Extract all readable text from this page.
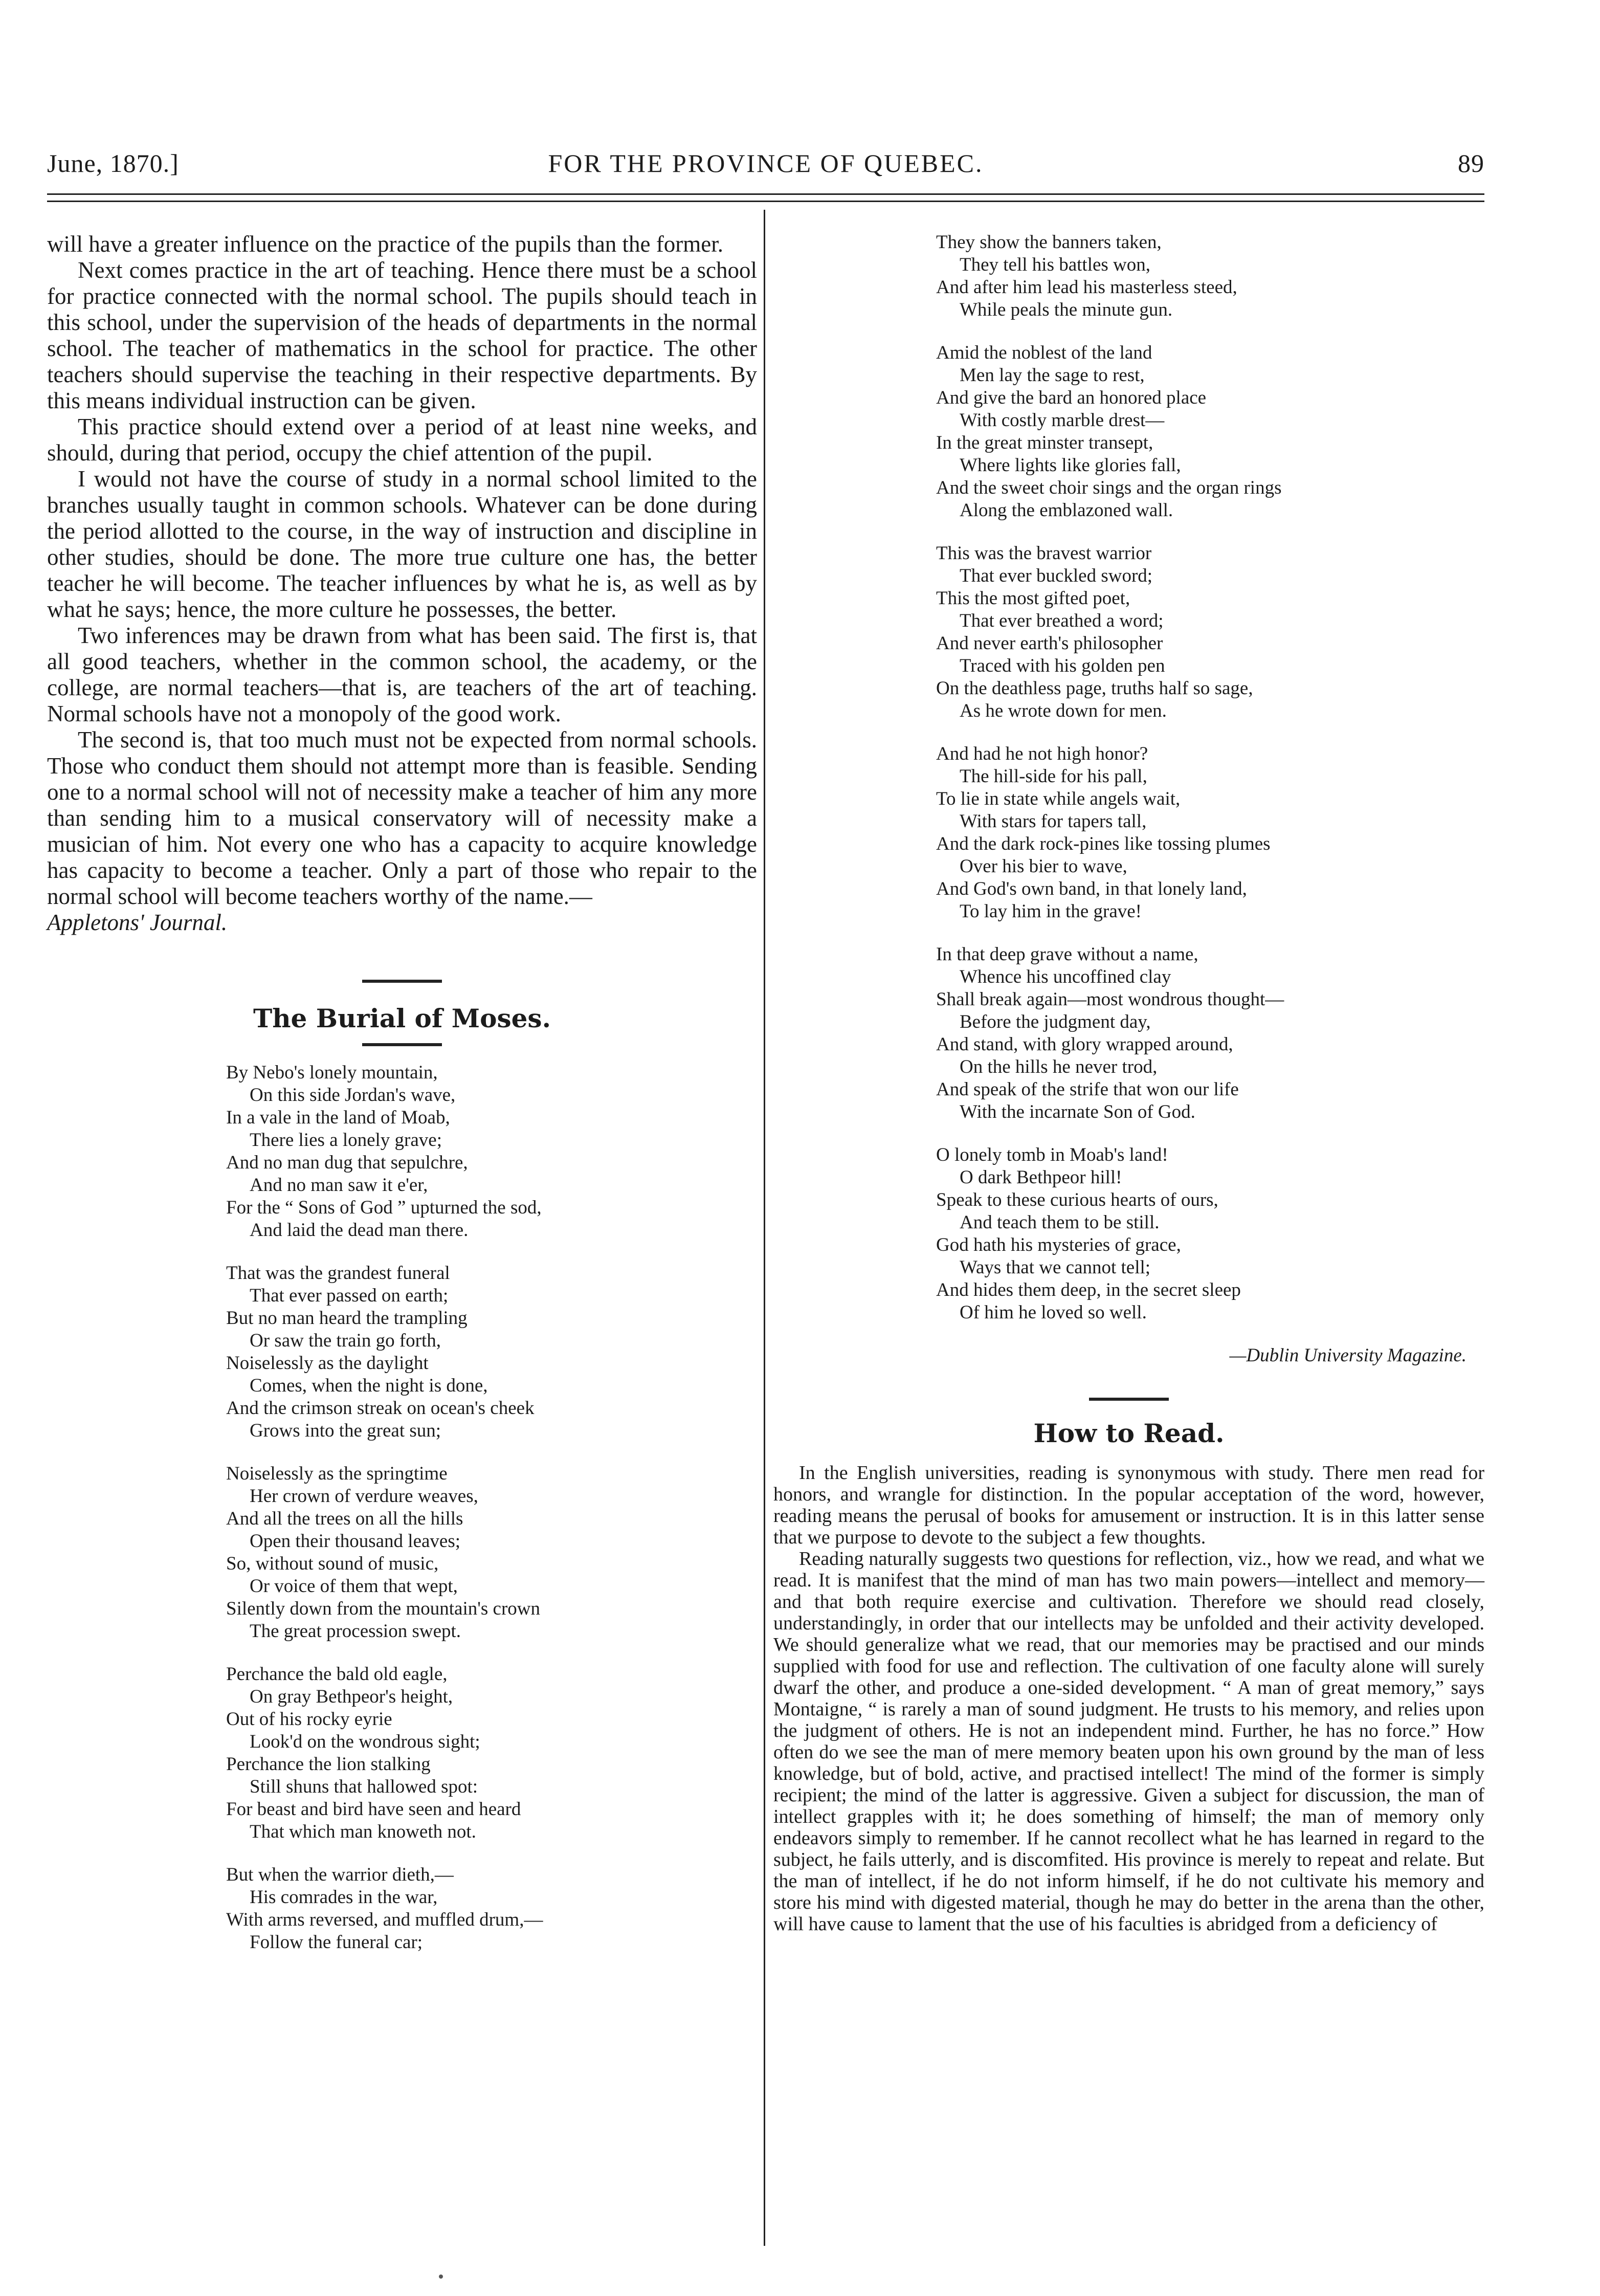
June, 1870.]	FOR THE PROVINCE OF QUEBEC.	89

will have a greater influence on the practice of the pupils than the former.

Next comes practice in the art of teaching. Hence there must be a school for practice connected with the normal school. The pupils should teach in this school, under the supervision of the heads of departments in the normal school. The teacher of mathematics in the school for practice. The other teachers should supervise the teaching in their respective departments. By this means individual instruction can be given.

This practice should extend over a period of at least nine weeks, and should, during that period, occupy the chief attention of the pupil.

I would not have the course of study in a normal school limited to the branches usually taught in common schools. Whatever can be done during the period allotted to the course, in the way of instruction and discipline in other studies, should be done. The more true culture one has, the better teacher he will become. The teacher influences by what he is, as well as by what he says; hence, the more culture he possesses, the better.

Two inferences may be drawn from what has been said. The first is, that all good teachers, whether in the common school, the academy, or the college, are normal teachers—that is, are teachers of the art of teaching. Normal schools have not a monopoly of the good work.

The second is, that too much must not be expected from normal schools. Those who conduct them should not attempt more than is feasible. Sending one to a normal school will not of necessity make a teacher of him any more than sending him to a musical conservatory will of necessity make a musician of him. Not every one who has a capacity to acquire knowledge has capacity to become a teacher. Only a part of those who repair to the normal school will become teachers worthy of the name.—

Appletons' Journal.
The Burial of Moses.
By Nebo's lonely mountain,
On this side Jordan's wave,
In a vale in the land of Moab,
There lies a lonely grave;
And no man dug that sepulchre,
And no man saw it e'er,
For the “ Sons of God ” upturned the sod,
And laid the dead man there.
That was the grandest funeral
That ever passed on earth;
But no man heard the trampling
Or saw the train go forth,
Noiselessly as the daylight
Comes, when the night is done,
And the crimson streak on ocean's cheek
Grows into the great sun;
Noiselessly as the springtime
Her crown of verdure weaves,
And all the trees on all the hills
Open their thousand leaves;
So, without sound of music,
Or voice of them that wept,
Silently down from the mountain's crown
The great procession swept.
Perchance the bald old eagle,
On gray Bethpeor's height,
Out of his rocky eyrie
Look'd on the wondrous sight;
Perchance the lion stalking
Still shuns that hallowed spot:
For beast and bird have seen and heard
That which man knoweth not.
But when the warrior dieth,—
His comrades in the war,
With arms reversed, and muffled drum,—
Follow the funeral car;
They show the banners taken,
They tell his battles won,
And after him lead his masterless steed,
While peals the minute gun.
Amid the noblest of the land
Men lay the sage to rest,
And give the bard an honored place
With costly marble drest—
In the great minster transept,
Where lights like glories fall,
And the sweet choir sings and the organ rings
Along the emblazoned wall.
This was the bravest warrior
That ever buckled sword;
This the most gifted poet,
That ever breathed a word;
And never earth's philosopher
Traced with his golden pen
On the deathless page, truths half so sage,
As he wrote down for men.
And had he not high honor?
The hill-side for his pall,
To lie in state while angels wait,
With stars for tapers tall,
And the dark rock-pines like tossing plumes
Over his bier to wave,
And God's own band, in that lonely land,
To lay him in the grave!
In that deep grave without a name,
Whence his uncoffined clay
Shall break again—most wondrous thought—
Before the judgment day,
And stand, with glory wrapped around,
On the hills he never trod,
And speak of the strife that won our life
With the incarnate Son of God.
O lonely tomb in Moab's land!
O dark Bethpeor hill!
Speak to these curious hearts of ours,
And teach them to be still.
God hath his mysteries of grace,
Ways that we cannot tell;
And hides them deep, in the secret sleep
Of him he loved so well.
—Dublin University Magazine.
How to Read.

In the English universities, reading is synonymous with study. There men read for honors, and wrangle for distinction. In the popular acceptation of the word, however, reading means the perusal of books for amusement or instruction. It is in this latter sense that we purpose to devote to the subject a few thoughts.

Reading naturally suggests two questions for reflection, viz., how we read, and what we read. It is manifest that the mind of man has two main powers—intellect and memory—and that both require exercise and cultivation. Therefore we should read closely, understandingly, in order that our intellects may be unfolded and their activity developed. We should generalize what we read, that our memories may be practised and our minds supplied with food for use and reflection. The cultivation of one faculty alone will surely dwarf the other, and produce a one-sided development. “ A man of great memory,” says Montaigne, “ is rarely a man of sound judgment. He trusts to his memory, and relies upon the judgment of others. He is not an independent mind. Further, he has no force.” How often do we see the man of mere memory beaten upon his own ground by the man of less knowledge, but of bold, active, and practised intellect! The mind of the former is simply recipient; the mind of the latter is aggressive. Given a subject for discussion, the man of intellect grapples with it; he does something of himself; the man of memory only endeavors simply to remember. If he cannot recollect what he has learned in regard to the subject, he fails utterly, and is discomfited. His province is merely to repeat and relate. But the man of intellect, if he do not inform himself, if he do not cultivate his memory and store his mind with digested material, though he may do better in the arena than the other, will have cause to lament that the use of his faculties is abridged from a deficiency of
